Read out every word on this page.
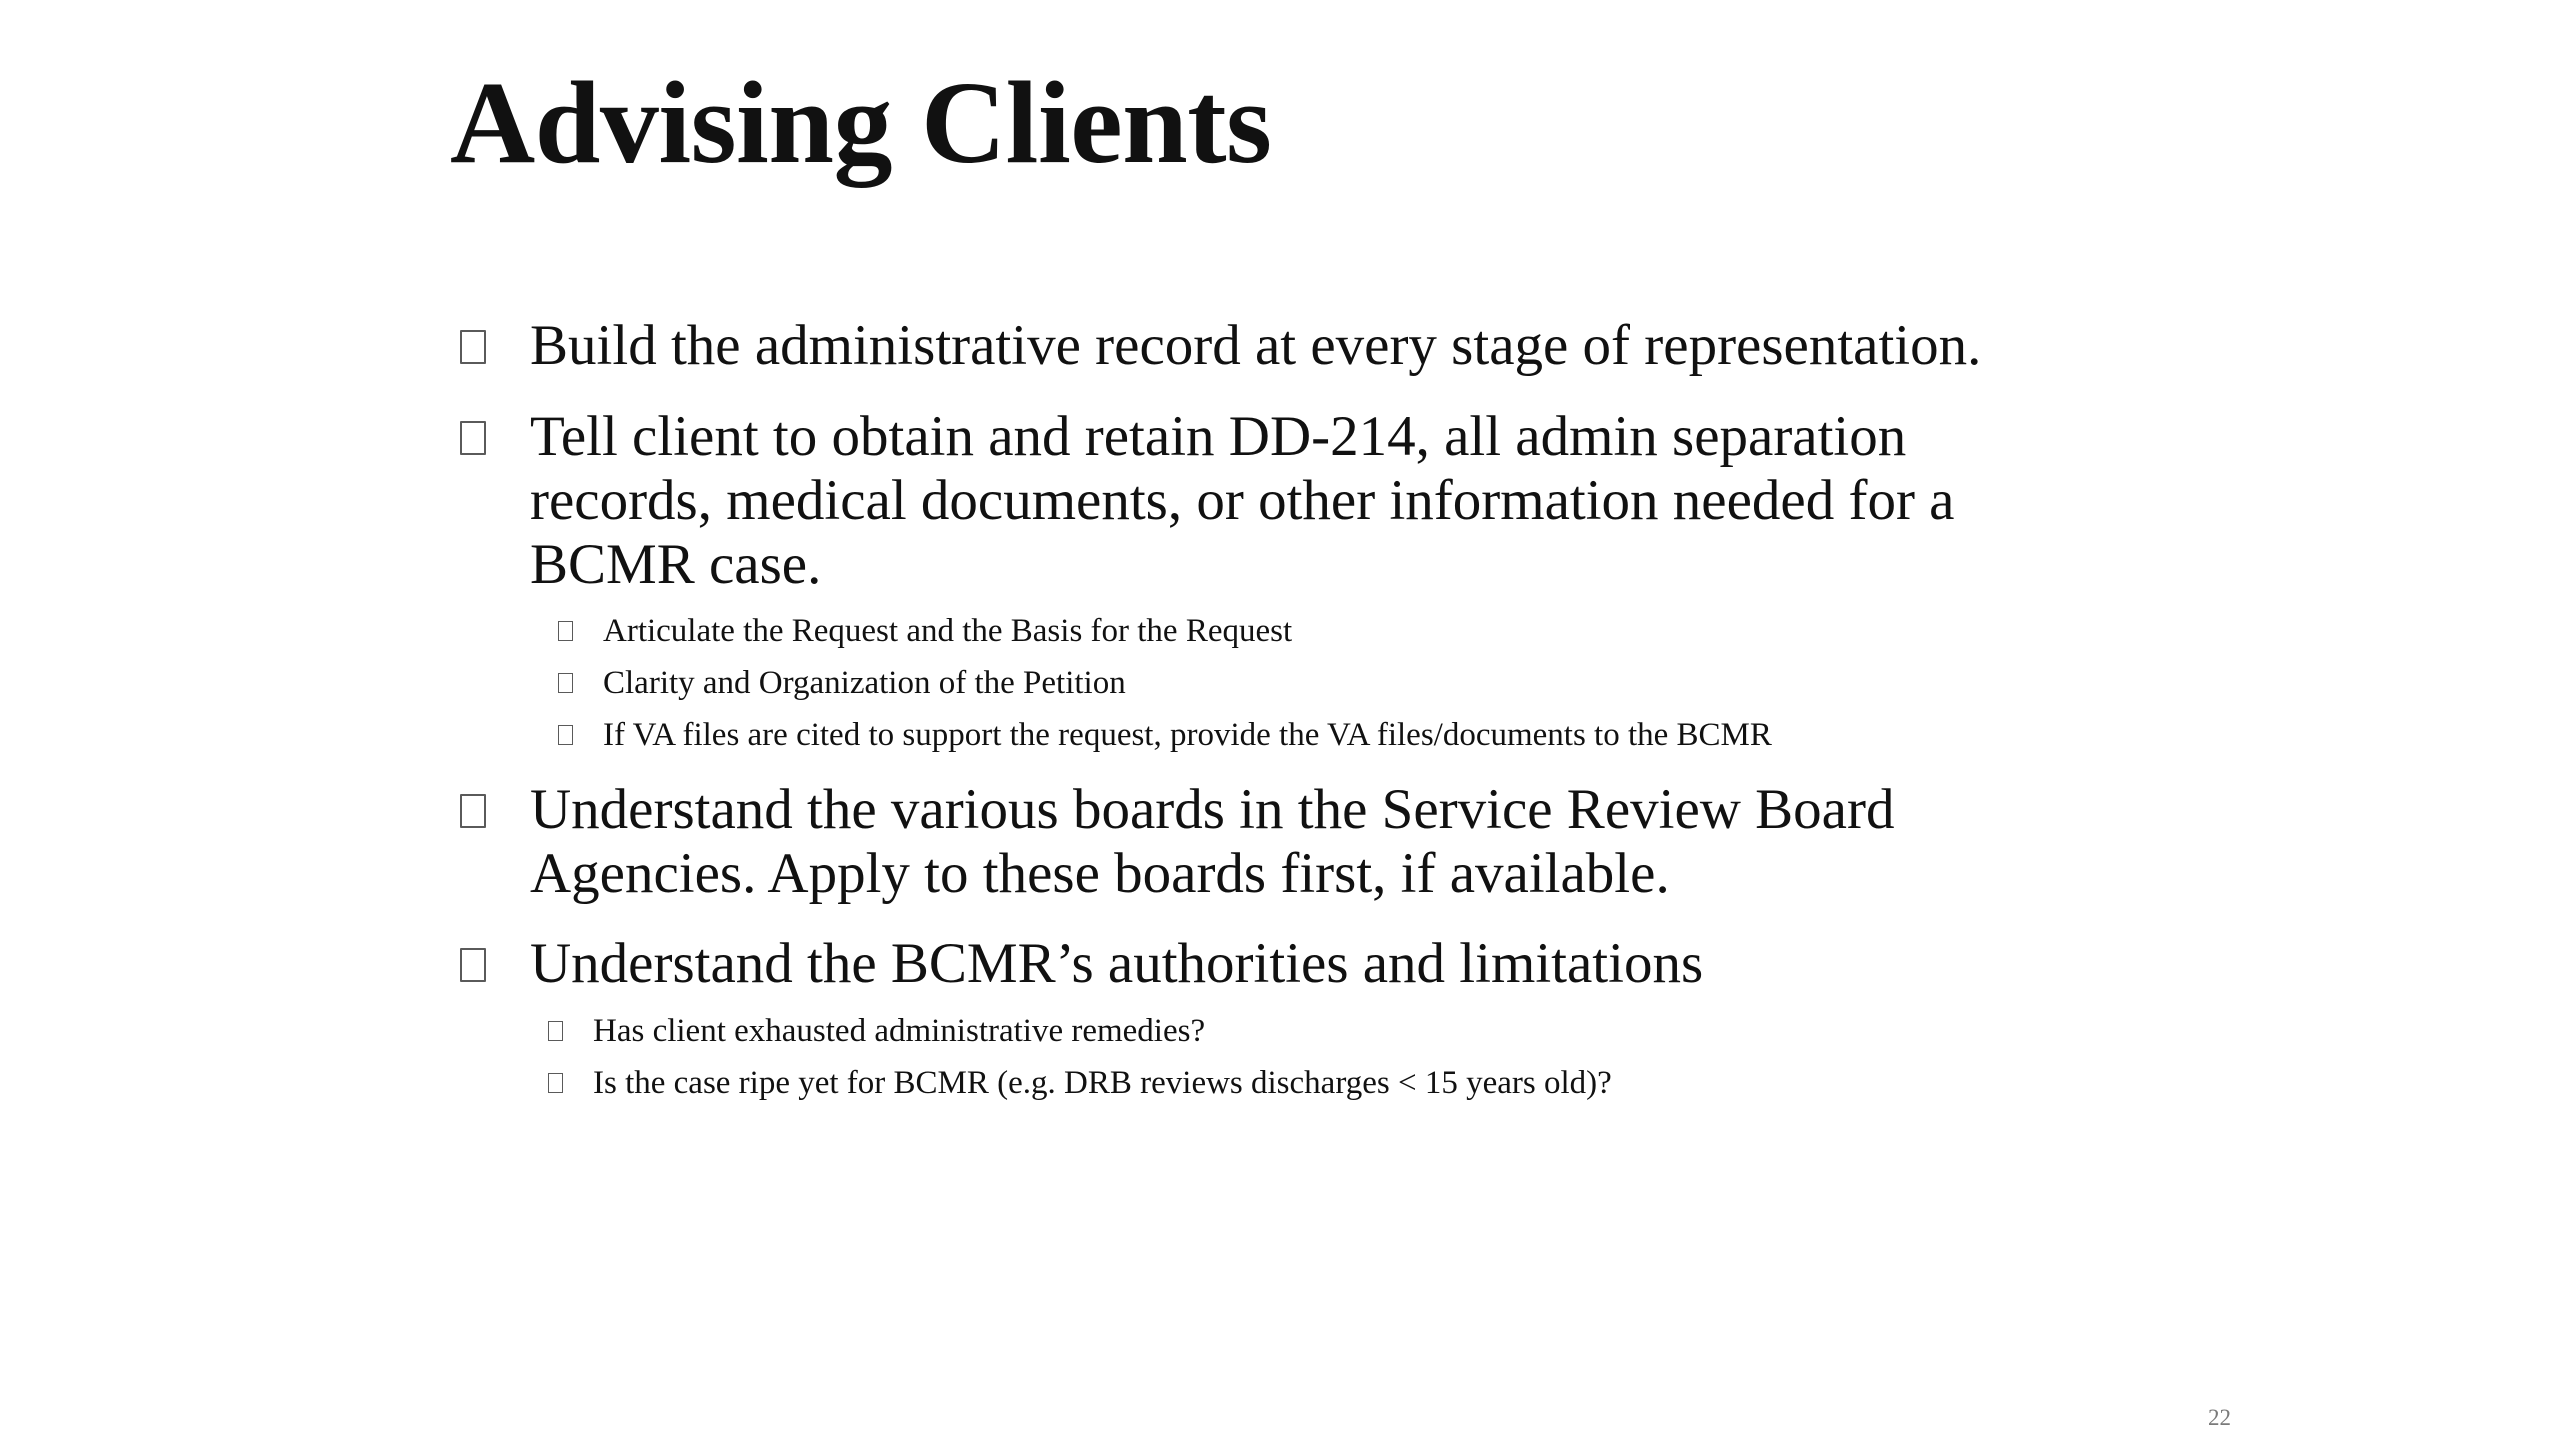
Advising Clients
Build the administrative record at every stage of representation.
Tell client to obtain and retain DD-214, all admin separation records, medical documents, or other information needed for a BCMR case.
Articulate the Request and the Basis for the Request
Clarity and Organization of the Petition
If VA files are cited to support the request, provide the VA files/documents to the BCMR
Understand the various boards in the Service Review Board Agencies. Apply to these boards first, if available.
Understand the BCMR’s authorities and limitations
Has client exhausted administrative remedies?
Is the case ripe yet for BCMR (e.g. DRB reviews discharges < 15 years old)?
22
